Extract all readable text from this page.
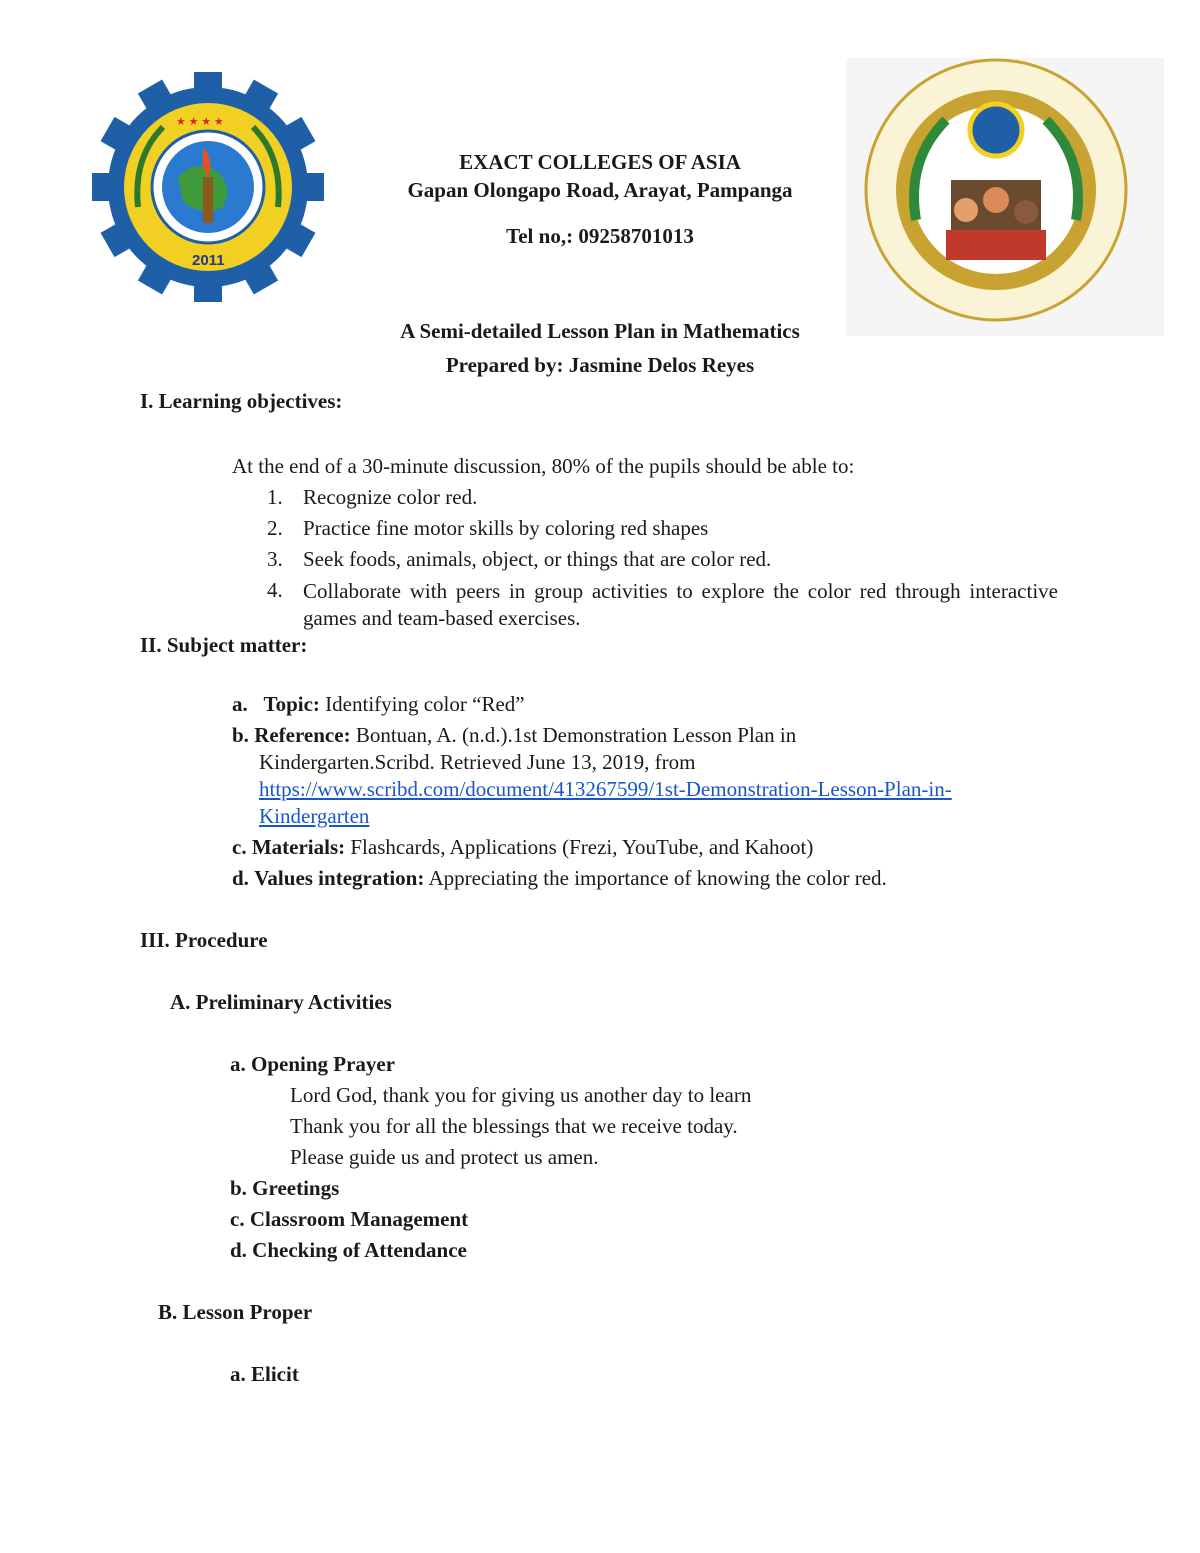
★ ★ ★ ★
2011
EXACT COLLEGES OF ASIA
Gapan Olongapo Road, Arayat, Pampanga
Tel no,: 09258701013
A Semi-detailed Lesson Plan in Mathematics
Prepared by: Jasmine Delos Reyes
I. Learning objectives:
At the end of a 30-minute discussion, 80% of the pupils should be able to:
1. Recognize color red.
2. Practice fine motor skills by coloring red shapes
3. Seek foods, animals, object, or things that are color red.
4. Collaborate with peers in group activities to explore the color red through interactive games and team-based exercises.
II. Subject matter:
a. Topic: Identifying color “Red”
b. Reference: Bontuan, A. (n.d.).1st Demonstration Lesson Plan in
Kindergarten.Scribd. Retrieved June 13, 2019, from
https://www.scribd.com/document/413267599/1st-Demonstration-Lesson-Plan-in-
Kindergarten
c. Materials: Flashcards, Applications (Frezi, YouTube, and Kahoot)
d. Values integration: Appreciating the importance of knowing the color red.
III. Procedure
A. Preliminary Activities
a. Opening Prayer
Lord God, thank you for giving us another day to learn
Thank you for all the blessings that we receive today.
Please guide us and protect us amen.
b. Greetings
c. Classroom Management
d. Checking of Attendance
B. Lesson Proper
a. Elicit
